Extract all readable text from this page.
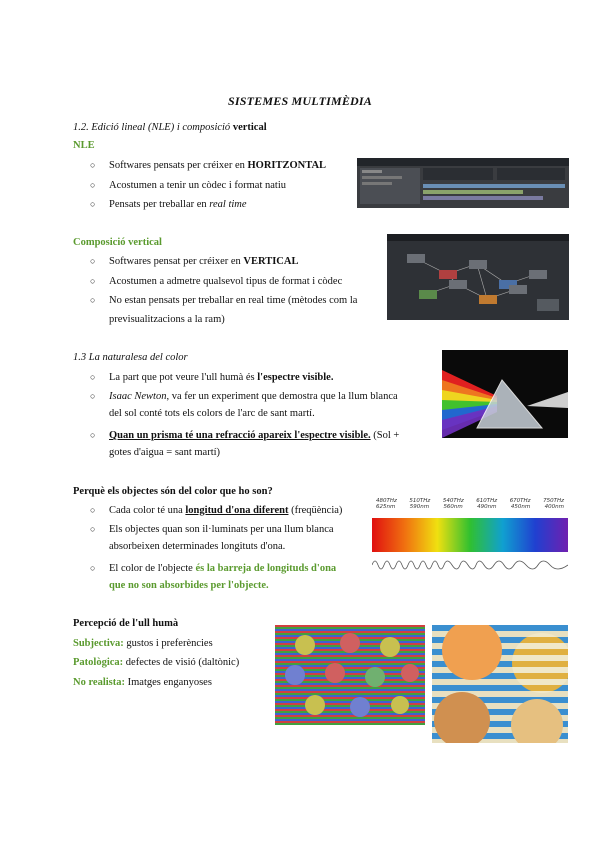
SISTEMES MULTIMÈDIA
1.2. Edició lineal (NLE) i composició vertical
NLE
○
Softwares pensats per créixer en HORITZONTAL
○
Acostumen a tenir un còdec i format natiu
○
Pensats per treballar en real time
Composició vertical
○
Softwares pensat per créixer en VERTICAL
○
Acostumen a admetre qualsevol tipus de format i còdec
○
No estan pensats per treballar en real time (mètodes com la
previsualitzacions a la ram)
1.3 La naturalesa del color
○
La part que pot veure l'ull humà és l'espectre visible.
○
Isaac Newton, va fer un experiment que demostra que la llum blanca
del sol conté tots els colors de l'arc de sant martí.
○
Quan un prisma té una refracció apareix l'espectre visible. (Sol +
gotes d'aigua = sant martí)
Perquè els objectes són del color que ho son?
○
Cada color té una longitud d'ona diferent (freqüència)
○
Els objectes quan son il·luminats per una llum blanca
absorbeixen determinades longituts d'ona.
○
El color de l'objecte és la barreja de longituds d'ona
que no son absorbides per l'objecte.
480THz 510THz 540THz 610THz 670THz 750THz
625nm	590nm	560nm	490nm	450nm	400nm
Percepció de l'ull humà
Subjectiva: gustos i preferències
Patològica: defectes de visió (daltònic)
No realista: Imatges enganyoses
